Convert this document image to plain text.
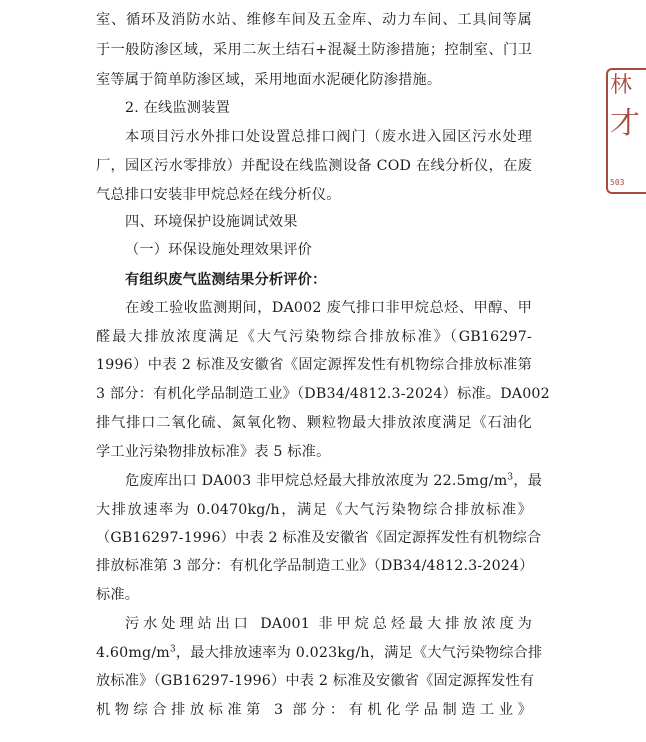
室、循环及消防水站、维修车间及五金库、动力车间、工具间等属
于一般防渗区域，采用二灰土结石+混凝土防渗措施；控制室、门卫
室等属于简单防渗区域，采用地面水泥硬化防渗措施。
2. 在线监测装置
本项目污水外排口处设置总排口阀门（废水进入园区污水处理
厂，园区污水零排放）并配设在线监测设备 COD 在线分析仪，在废
气总排口安装非甲烷总烃在线分析仪。
四、环境保护设施调试效果
（一）环保设施处理效果评价
有组织废气监测结果分析评价：
在竣工验收监测期间，DA002 废气排口非甲烷总烃、甲醇、甲
醛最大排放浓度满足《大气污染物综合排放标准》（GB16297-
1996）中表 2 标准及安徽省《固定源挥发性有机物综合排放标准第
3 部分：有机化学品制造工业》（DB34/4812.3-2024）标准。DA002
排气排口二氧化硫、氮氧化物、颗粒物最大排放浓度满足《石油化
学工业污染物排放标准》表 5 标准。
危废库出口 DA003 非甲烷总烃最大排放浓度为 $22.5mg/m^3$，最
大排放速率为 0.0470kg/h，满足《大气污染物综合排放标准》
（GB16297-1996）中表 2 标准及安徽省《固定源挥发性有机物综合
排放标准第 3 部分：有机化学品制造工业》（DB34/4812.3-2024）
标准。
污水处理站出口 DA001 非甲烷总烃最大排放浓度为
$4.60mg/m^3$，最大排放速率为 0.023kg/h，满足《大气污染物综合排
放标准》（GB16297-1996）中表 2 标准及安徽省《固定源挥发性有
机物综合排放标准第 3 部分：有机化学品制造工业》
林
才
503
